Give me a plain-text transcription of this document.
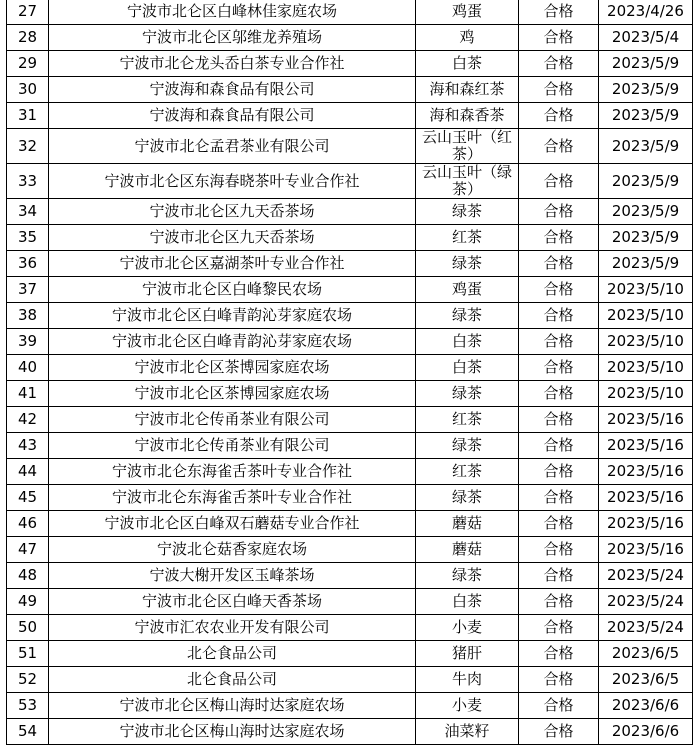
27	宁波市北仑区白峰林佳家庭农场	鸡蛋	合格	2023/4/26
28	宁波市北仑区邬维龙养殖场	鸡	合格	2023/5/4
29	宁波市北仑龙头岙白茶专业合作社	白茶	合格	2023/5/9
30	宁波海和森食品有限公司	海和森红茶	合格	2023/5/9
31	宁波海和森食品有限公司	海和森香茶	合格	2023/5/9
32	宁波市北仑孟君茶业有限公司	云山玉叶（红茶）	合格	2023/5/9
33	宁波市北仑区东海春晓茶叶专业合作社	云山玉叶（绿茶）	合格	2023/5/9
34	宁波市北仑区九天岙茶场	绿茶	合格	2023/5/9
35	宁波市北仑区九天岙茶场	红茶	合格	2023/5/9
36	宁波市北仑区嘉湖茶叶专业合作社	绿茶	合格	2023/5/9
37	宁波市北仑区白峰黎民农场	鸡蛋	合格	2023/5/10
38	宁波市北仑区白峰青韵沁芽家庭农场	绿茶	合格	2023/5/10
39	宁波市北仑区白峰青韵沁芽家庭农场	白茶	合格	2023/5/10
40	宁波市北仑区茶博园家庭农场	白茶	合格	2023/5/10
41	宁波市北仑区茶博园家庭农场	绿茶	合格	2023/5/10
42	宁波市北仑传甬茶业有限公司	红茶	合格	2023/5/16
43	宁波市北仑传甬茶业有限公司	绿茶	合格	2023/5/16
44	宁波市北仑东海雀舌茶叶专业合作社	红茶	合格	2023/5/16
45	宁波市北仑东海雀舌茶叶专业合作社	绿茶	合格	2023/5/16
46	宁波市北仑区白峰双石蘑菇专业合作社	蘑菇	合格	2023/5/16
47	宁波北仑菇香家庭农场	蘑菇	合格	2023/5/16
48	宁波大榭开发区玉峰茶场	绿茶	合格	2023/5/24
49	宁波市北仑区白峰天香茶场	白茶	合格	2023/5/24
50	宁波市汇农农业开发有限公司	小麦	合格	2023/5/24
51	北仑食品公司	猪肝	合格	2023/6/5
52	北仑食品公司	牛肉	合格	2023/6/5
53	宁波市北仑区梅山海时达家庭农场	小麦	合格	2023/6/6
54	宁波市北仑区梅山海时达家庭农场	油菜籽	合格	2023/6/6
